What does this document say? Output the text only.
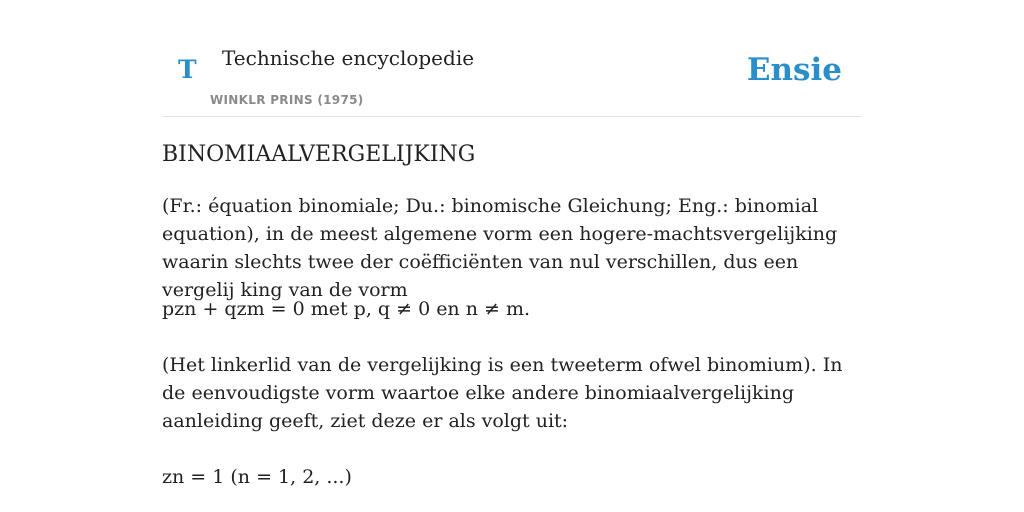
T Technische encyclopedie
WINKLR PRINS (1975)
Ensie
BINOMIAALVERGELIJKING

(Fr.: équation binomiale; Du.: binomische Gleichung; Eng.: binomial equation), in de meest algemene vorm een hogere-machtsvergelijking waarin slechts twee der coëfficiënten van nul verschillen, dus een vergelij king van de vorm

pzn + qzm = 0 met p, q ≠ 0 en n ≠ m.

(Het linkerlid van de vergelijking is een tweeterm ofwel binomium). In de eenvoudigste vorm waartoe elke andere binomiaalvergelijking aanleiding geeft, ziet deze er als volgt uit:

zn = 1 (n = 1, 2, ...)
